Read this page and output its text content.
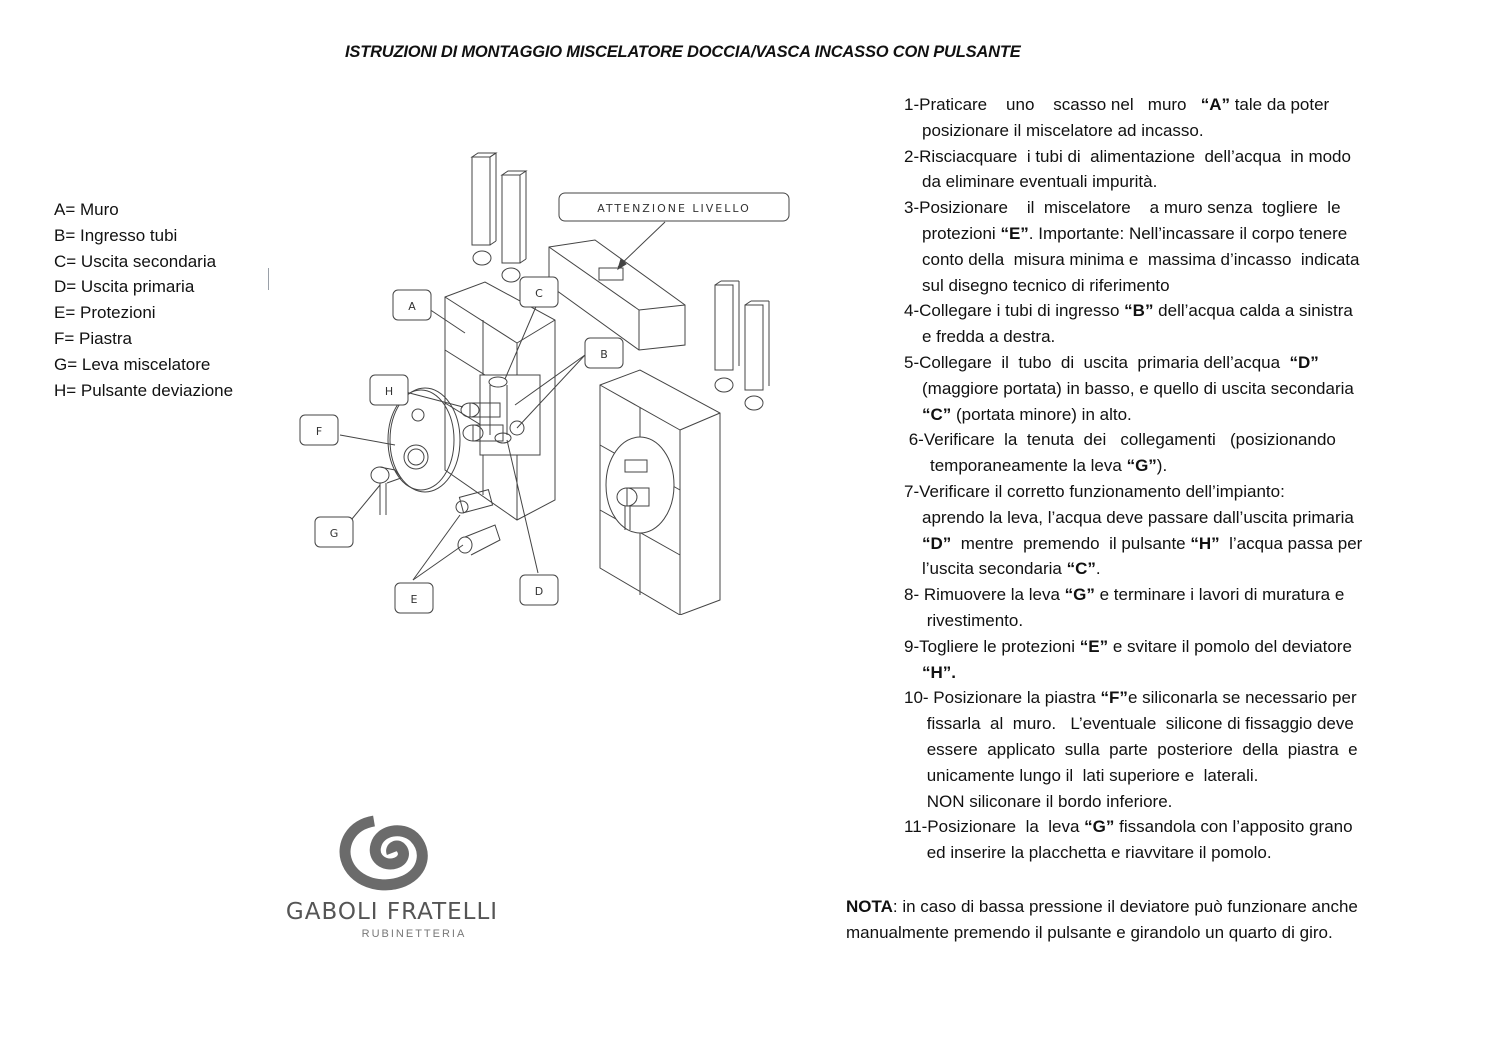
ISTRUZIONI DI MONTAGGIO MISCELATORE DOCCIA/VASCA INCASSO CON PULSANTE
A= Muro
B= Ingresso tubi
C= Uscita secondaria
D= Uscita primaria
E= Protezioni
F= Piastra
G= Leva miscelatore
H= Pulsante deviazione
ATTENZIONE LIVELLO
A
B
C
D
E
F
G
H
1-Praticare    uno    scasso nel   muro   “A” tale da poter
posizionare il miscelatore ad incasso.
2-Risciacquare  i tubi di  alimentazione  dell’acqua  in modo
da eliminare eventuali impurità.
3-Posizionare    il  miscelatore    a muro senza  togliere  le
protezioni “E”. Importante: Nell’incassare il corpo tenere
conto della  misura minima e  massima d’incasso  indicata
sul disegno tecnico di riferimento
4-Collegare i tubi di ingresso “B” dell’acqua calda a sinistra
e fredda a destra.
5-Collegare  il  tubo  di  uscita  primaria dell’acqua  “D”
(maggiore portata) in basso, e quello di uscita secondaria
“C” (portata minore) in alto.
6-Verificare  la  tenuta  dei   collegamenti   (posizionando
temporaneamente la leva “G”).
7-Verificare il corretto funzionamento dell’impianto:
aprendo la leva, l’acqua deve passare dall’uscita primaria
“D”  mentre  premendo  il pulsante “H”  l’acqua passa per
l’uscita secondaria “C”.
8- Rimuovere la leva “G” e terminare i lavori di muratura e
rivestimento.
9-Togliere le protezioni “E” e svitare il pomolo del deviatore
“H”.
10- Posizionare la piastra “F”e siliconarla se necessario per
fissarla  al  muro.   L’eventuale  silicone di fissaggio deve
essere  applicato  sulla  parte  posteriore  della  piastra  e
unicamente lungo il  lati superiore e  laterali.
NON siliconare il bordo inferiore.
11-Posizionare  la  leva “G” fissandola con l’apposito grano
ed inserire la placchetta e riavvitare il pomolo.
NOTA: in caso di bassa pressione il deviatore può funzionare anche
manualmente premendo il pulsante e girandolo un quarto di giro.
GABOLI FRATELLI
RUBINETTERIA
